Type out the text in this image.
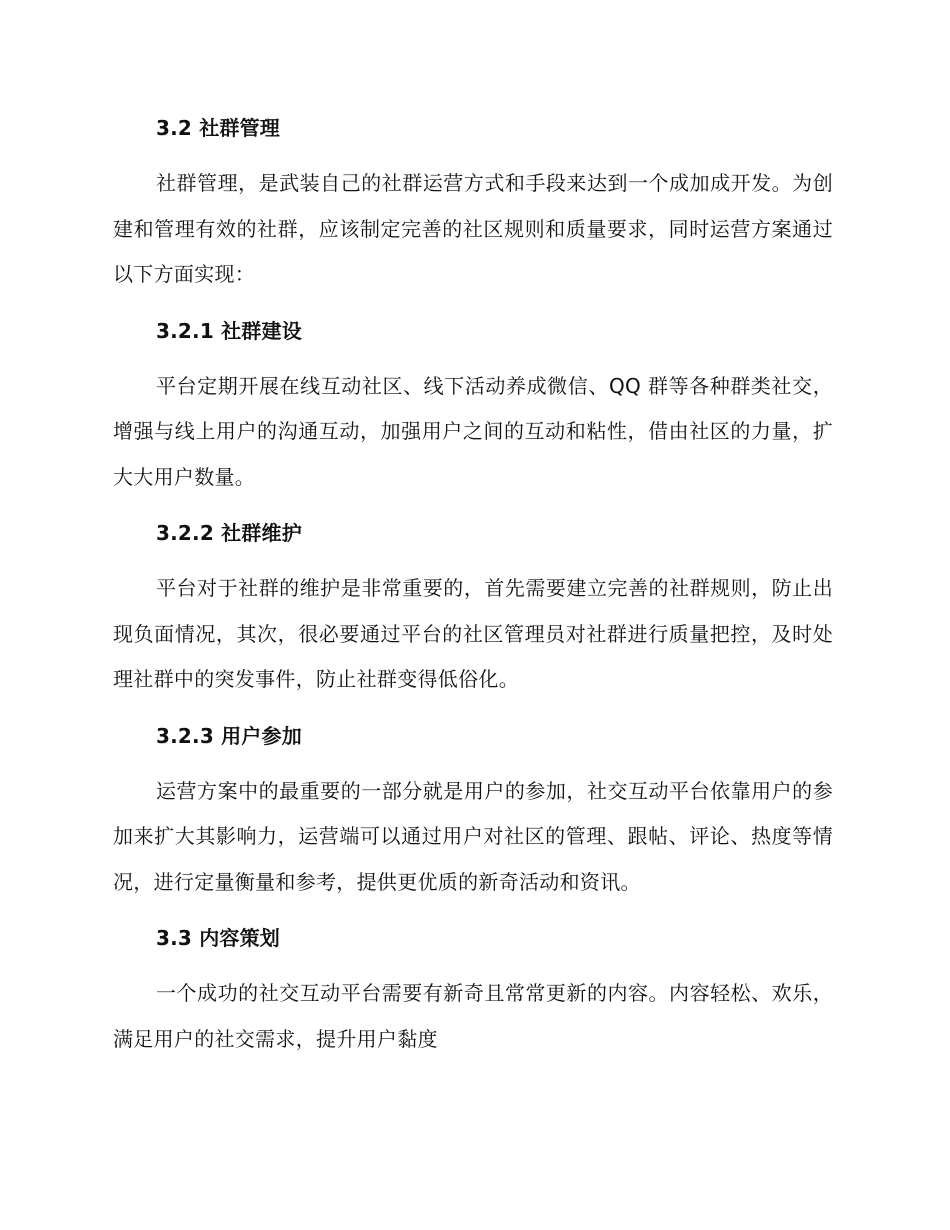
3.2 社群管理

社群管理，是武装自己的社群运营方式和手段来达到一个成加成开发。为创建和管理有效的社群，应该制定完善的社区规则和质量要求，同时运营方案通过以下方面实现：

3.2.1 社群建设

平台定期开展在线互动社区、线下活动养成微信、QQ 群等各种群类社交，增强与线上用户的沟通互动，加强用户之间的互动和粘性，借由社区的力量，扩大大用户数量。

3.2.2 社群维护

平台对于社群的维护是非常重要的，首先需要建立完善的社群规则，防止出现负面情况，其次，很必要通过平台的社区管理员对社群进行质量把控，及时处理社群中的突发事件，防止社群变得低俗化。

3.2.3 用户参加

运营方案中的最重要的一部分就是用户的参加，社交互动平台依靠用户的参加来扩大其影响力，运营端可以通过用户对社区的管理、跟帖、评论、热度等情况，进行定量衡量和参考，提供更优质的新奇活动和资讯。

3.3 内容策划

一个成功的社交互动平台需要有新奇且常常更新的内容。内容轻松、欢乐，满足用户的社交需求，提升用户黏度
